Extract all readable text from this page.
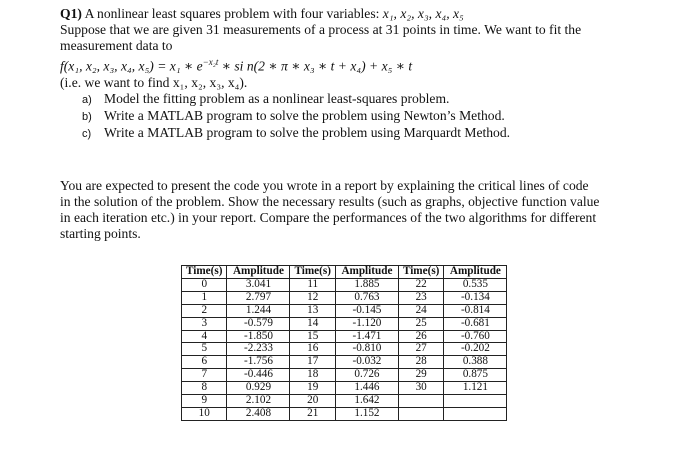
Q1) A nonlinear least squares problem with four variables: x₁, x₂, x₃, x₄, x₅
Suppose that we are given 31 measurements of a process at 31 points in time. We want to fit the
measurement data to
f(x₁, x₂, x₃, x₄, x₅) = x₁ ∗ $e^{-x_2t}$ ∗ si n(2 ∗ π ∗ x₃ ∗ t + x₄) + x₅ ∗ t
(i.e. we want to find x₁, x₂, x₃, x₄).
a) Model the fitting problem as a nonlinear least-squares problem.
b) Write a MATLAB program to solve the problem using Newton’s Method.
c) Write a MATLAB program to solve the problem using Marquardt Method.
You are expected to present the code you wrote in a report by explaining the critical lines of code
in the solution of the problem. Show the necessary results (such as graphs, objective function value
in each iteration etc.) in your report. Compare the performances of the two algorithms for different
starting points.
Time(s)	Amplitude	Time(s)	Amplitude	Time(s)	Amplitude
0	3.041	11	1.885	22	0.535
1	2.797	12	0.763	23	-0.134
2	1.244	13	-0.145	24	-0.814
3	-0.579	14	-1.120	25	-0.681
4	-1.850	15	-1.471	26	-0.760
5	-2.233	16	-0.810	27	-0.202
6	-1.756	17	-0.032	28	0.388
7	-0.446	18	0.726	29	0.875
8	0.929	19	1.446	30	1.121
9	2.102	20	1.642		
10	2.408	21	1.152		
